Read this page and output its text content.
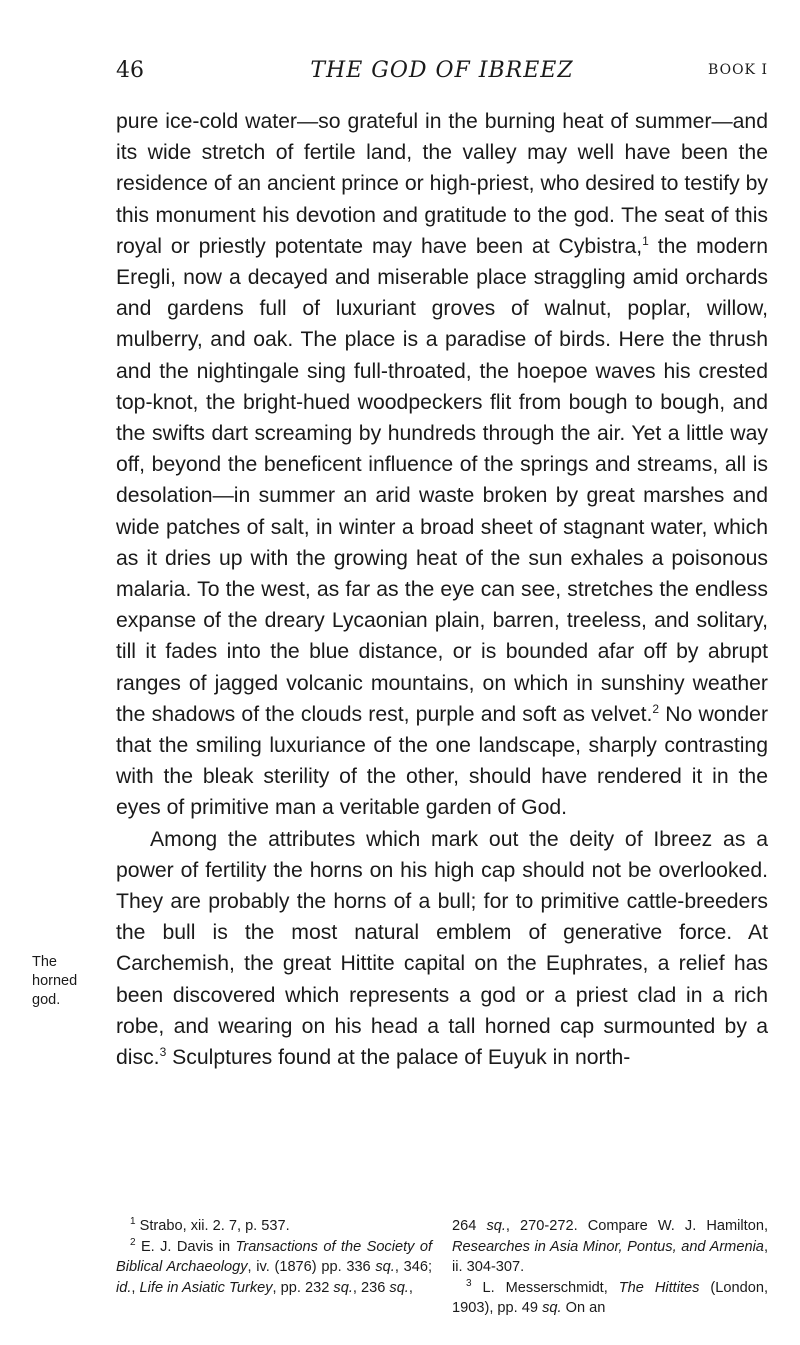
46	THE GOD OF IBREEZ	BOOK I
The horned god.

pure ice-cold water—so grateful in the burning heat of summer—and its wide stretch of fertile land, the valley may well have been the residence of an ancient prince or high-priest, who desired to testify by this monument his devotion and gratitude to the god. The seat of this royal or priestly potentate may have been at Cybistra,$^1$ the modern Eregli, now a decayed and miserable place straggling amid orchards and gardens full of luxuriant groves of walnut, poplar, willow, mulberry, and oak. The place is a paradise of birds. Here the thrush and the nightingale sing full-throated, the hoepoe waves his crested top-knot, the bright-hued woodpeckers flit from bough to bough, and the swifts dart screaming by hundreds through the air. Yet a little way off, beyond the beneficent influence of the springs and streams, all is desolation—in summer an arid waste broken by great marshes and wide patches of salt, in winter a broad sheet of stagnant water, which as it dries up with the growing heat of the sun exhales a poisonous malaria. To the west, as far as the eye can see, stretches the endless expanse of the dreary Lycaonian plain, barren, treeless, and solitary, till it fades into the blue distance, or is bounded afar off by abrupt ranges of jagged volcanic mountains, on which in sunshiny weather the shadows of the clouds rest, purple and soft as velvet.$^2$ No wonder that the smiling luxuriance of the one landscape, sharply contrasting with the bleak sterility of the other, should have rendered it in the eyes of primitive man a veritable garden of God.

Among the attributes which mark out the deity of Ibreez as a power of fertility the horns on his high cap should not be overlooked. They are probably the horns of a bull; for to primitive cattle-breeders the bull is the most natural emblem of generative force. At Carchemish, the great Hittite capital on the Euphrates, a relief has been discovered which represents a god or a priest clad in a rich robe, and wearing on his head a tall horned cap surmounted by a disc.$^3$ Sculptures found at the palace of Euyuk in north-

$^1$ Strabo, xii. 2. 7, p. 537.

$^2$ E. J. Davis in Transactions of the Society of Biblical Archaeology, iv. (1876) pp. 336 sq., 346; id., Life in Asiatic Turkey, pp. 232 sq., 236 sq.,

264 sq., 270-272. Compare W. J. Hamilton, Researches in Asia Minor, Pontus, and Armenia, ii. 304-307.

$^3$ L. Messerschmidt, The Hittites (London, 1903), pp. 49 sq. On an
